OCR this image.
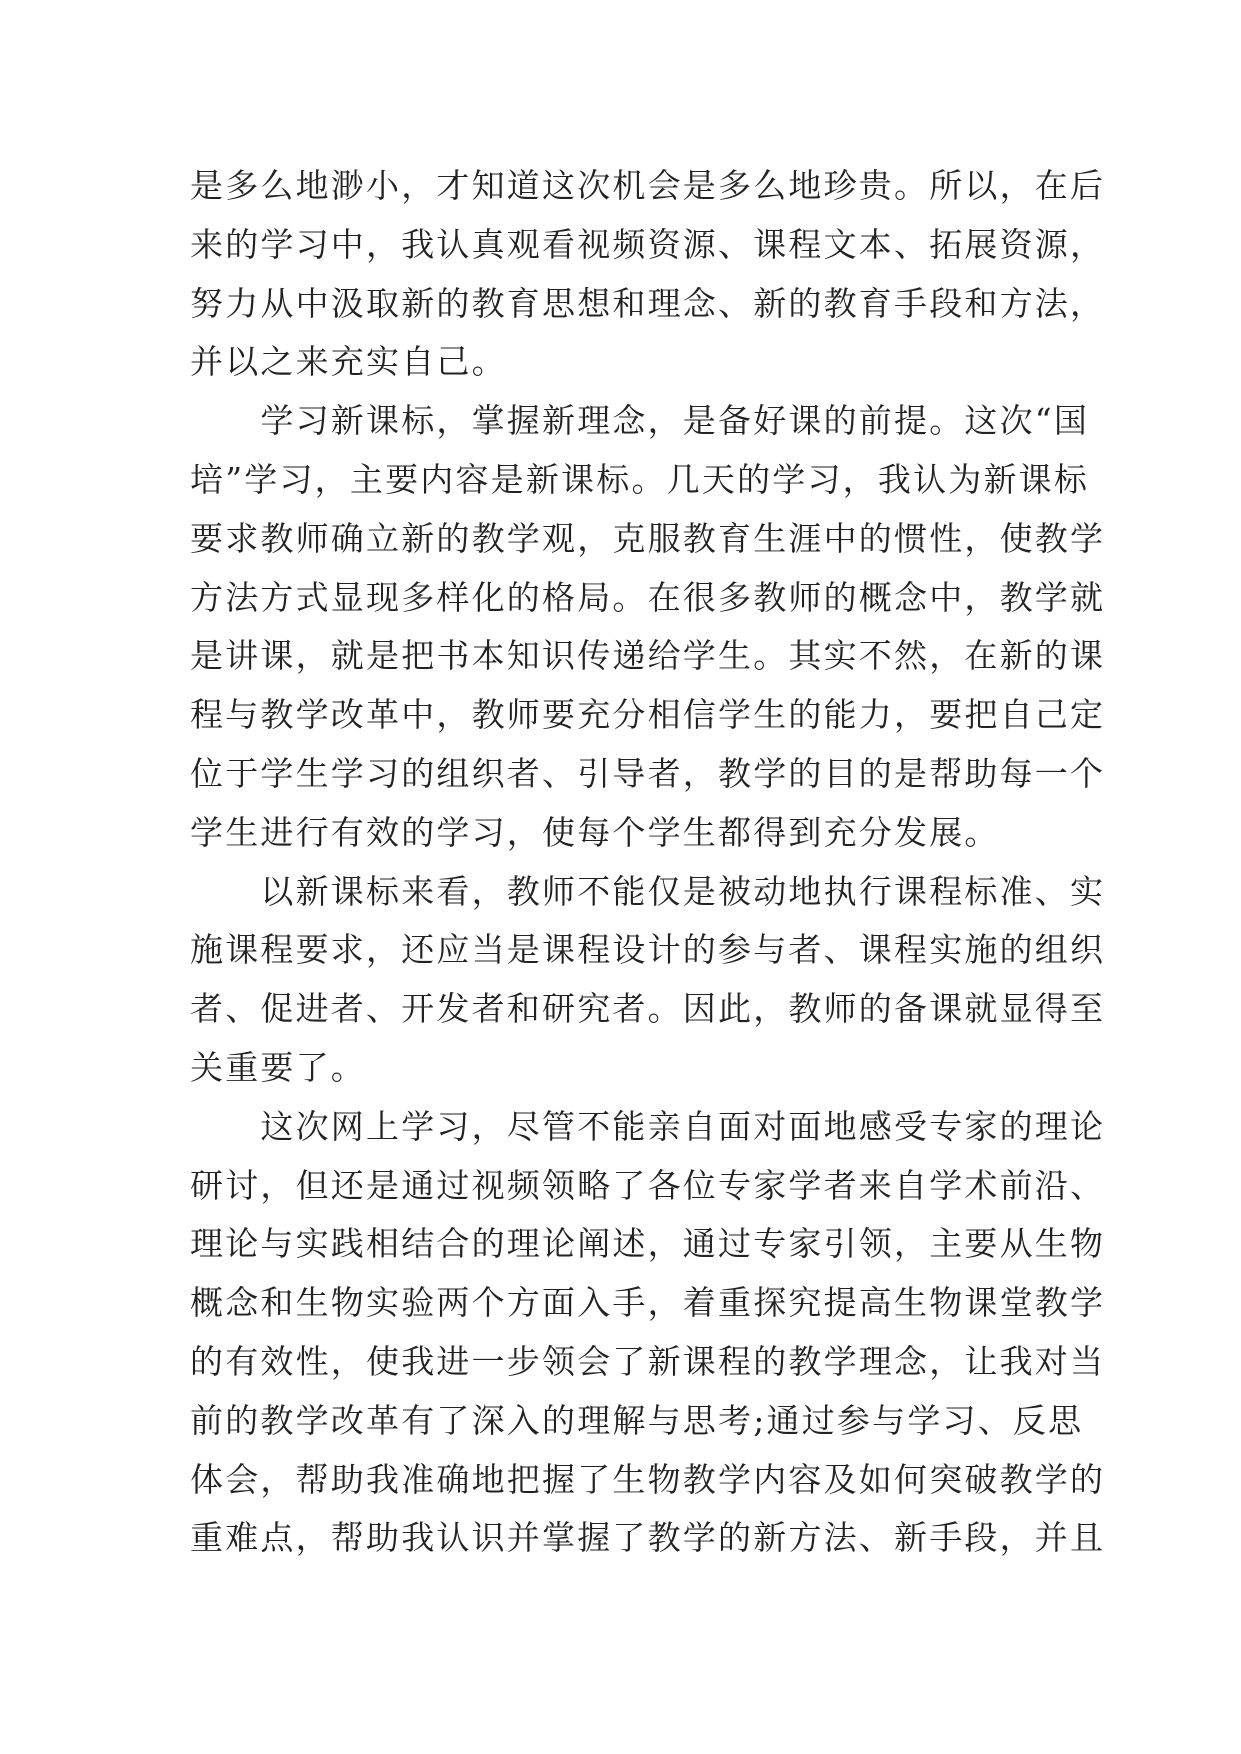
是多么地渺小，才知道这次机会是多么地珍贵。所以，在后
来的学习中，我认真观看视频资源、课程文本、拓展资源，
努力从中汲取新的教育思想和理念、新的教育手段和方法，
并以之来充实自己。
　　学习新课标，掌握新理念，是备好课的前提。这次“国
培”学习，主要内容是新课标。几天的学习，我认为新课标
要求教师确立新的教学观，克服教育生涯中的惯性，使教学
方法方式显现多样化的格局。在很多教师的概念中，教学就
是讲课，就是把书本知识传递给学生。其实不然，在新的课
程与教学改革中，教师要充分相信学生的能力，要把自己定
位于学生学习的组织者、引导者，教学的目的是帮助每一个
学生进行有效的学习，使每个学生都得到充分发展。
　　以新课标来看，教师不能仅是被动地执行课程标准、实
施课程要求，还应当是课程设计的参与者、课程实施的组织
者、促进者、开发者和研究者。因此，教师的备课就显得至
关重要了。
　　这次网上学习，尽管不能亲自面对面地感受专家的理论
研讨，但还是通过视频领略了各位专家学者来自学术前沿、
理论与实践相结合的理论阐述，通过专家引领，主要从生物
概念和生物实验两个方面入手，着重探究提高生物课堂教学
的有效性，使我进一步领会了新课程的教学理念，让我对当
前的教学改革有了深入的理解与思考;通过参与学习、反思
体会，帮助我准确地把握了生物教学内容及如何突破教学的
重难点，帮助我认识并掌握了教学的新方法、新手段，并且
